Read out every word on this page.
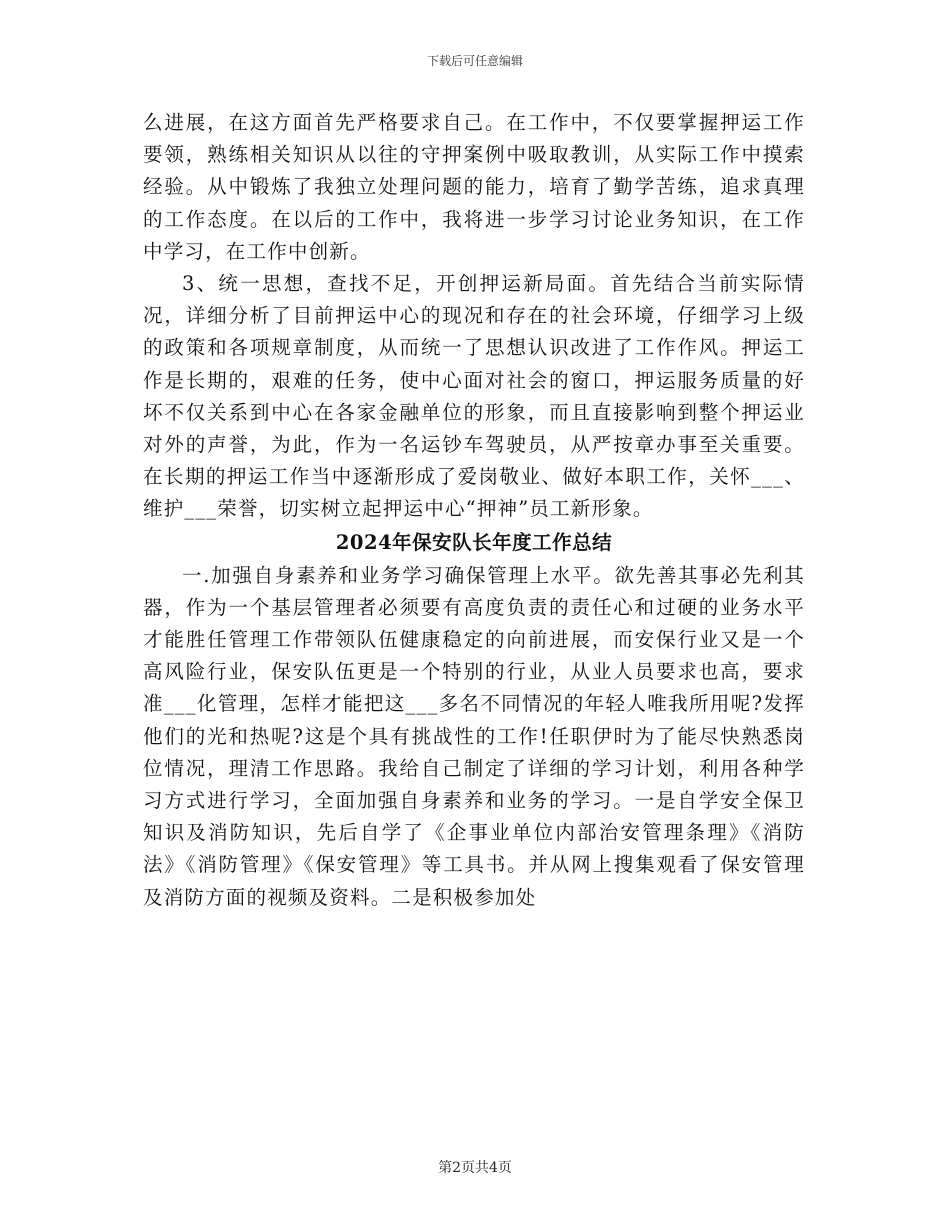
下载后可任意编辑

么进展，在这方面首先严格要求自己。在工作中，不仅要掌握押运工作要领，熟练相关知识从以往的守押案例中吸取教训，从实际工作中摸索经验。从中锻炼了我独立处理问题的能力，培育了勤学苦练，追求真理的工作态度。在以后的工作中，我将进一步学习讨论业务知识，在工作中学习，在工作中创新。

3、统一思想，查找不足，开创押运新局面。首先结合当前实际情况，详细分析了目前押运中心的现况和存在的社会环境，仔细学习上级的政策和各项规章制度，从而统一了思想认识改进了工作作风。押运工作是长期的，艰难的任务，使中心面对社会的窗口，押运服务质量的好坏不仅关系到中心在各家金融单位的形象，而且直接影响到整个押运业对外的声誉，为此，作为一名运钞车驾驶员，从严按章办事至关重要。在长期的押运工作当中逐渐形成了爱岗敬业、做好本职工作，关怀___、维护___荣誉，切实树立起押运中心“押神”员工新形象。

2024年保安队长年度工作总结

一.加强自身素养和业务学习确保管理上水平。欲先善其事必先利其器，作为一个基层管理者必须要有高度负责的责任心和过硬的业务水平才能胜任管理工作带领队伍健康稳定的向前进展，而安保行业又是一个高风险行业，保安队伍更是一个特别的行业，从业人员要求也高，要求准___化管理，怎样才能把这___多名不同情况的年轻人唯我所用呢?发挥他们的光和热呢?这是个具有挑战性的工作!任职伊时为了能尽快熟悉岗位情况，理清工作思路。我给自己制定了详细的学习计划，利用各种学习方式进行学习，全面加强自身素养和业务的学习。一是自学安全保卫知识及消防知识，先后自学了《企事业单位内部治安管理条理》《消防法》《消防管理》《保安管理》等工具书。并从网上搜集观看了保安管理及消防方面的视频及资料。二是积极参加处

第2页共4页
